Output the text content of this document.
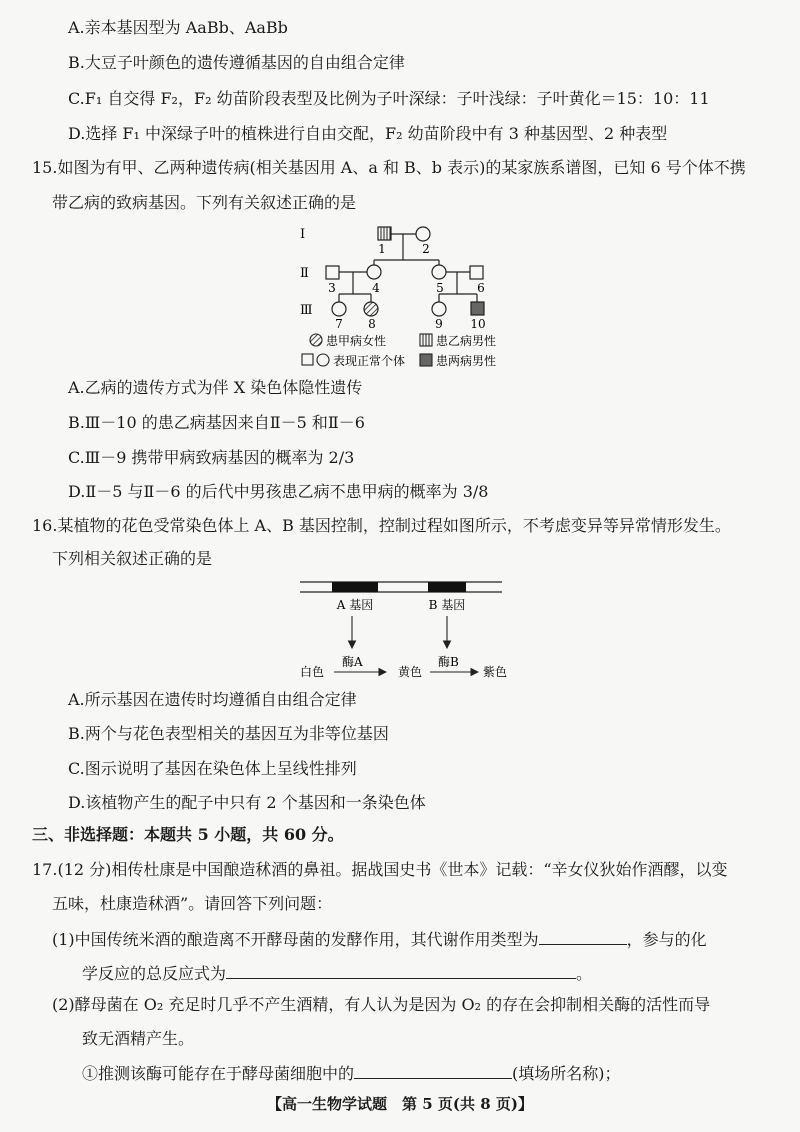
A.亲本基因型为 AaBb、AaBb
B.大豆子叶颜色的遗传遵循基因的自由组合定律
C.F₁ 自交得 F₂，F₂ 幼苗阶段表型及比例为子叶深绿：子叶浅绿：子叶黄化＝15：10：11
D.选择 F₁ 中深绿子叶的植株进行自由交配，F₂ 幼苗阶段中有 3 种基因型、2 种表型
15.如图为有甲、乙两种遗传病(相关基因用 A、a 和 B、b 表示)的某家族系谱图，已知 6 号个体不携
带乙病的致病基因。下列有关叙述正确的是
Ⅰ
Ⅱ
Ⅲ
1	2
3	4	5	6
7 8	9 10
患甲病女性	患乙病男性
表现正常个体	患两病男性
A.乙病的遗传方式为伴 X 染色体隐性遗传
B.Ⅲ－10 的患乙病基因来自Ⅱ－5 和Ⅱ－6
C.Ⅲ－9 携带甲病致病基因的概率为 2/3
D.Ⅱ－5 与Ⅱ－6 的后代中男孩患乙病不患甲病的概率为 3/8
16.某植物的花色受常染色体上 A、B 基因控制，控制过程如图所示，不考虑变异等异常情形发生。
下列相关叙述正确的是
A 基因	B 基因
白色
酶A
黄色
酶B
紫色
A.所示基因在遗传时均遵循自由组合定律
B.两个与花色表型相关的基因互为非等位基因
C.图示说明了基因在染色体上呈线性排列
D.该植物产生的配子中只有 2 个基因和一条染色体
三、非选择题：本题共 5 小题，共 60 分。
17.(12 分)相传杜康是中国酿造秫酒的鼻祖。据战国史书《世本》记载：“辛女仪狄始作酒醪，以变
五味，杜康造秫酒”。请回答下列问题：
(1)中国传统米酒的酿造离不开酵母菌的发酵作用，其代谢作用类型为	，参与的化
学反应的总反应式为	。
(2)酵母菌在 O₂ 充足时几乎不产生酒精，有人认为是因为 O₂ 的存在会抑制相关酶的活性而导
致无酒精产生。
①推测该酶可能存在于酵母菌细胞中的	(填场所名称)；
【高一生物学试题　第 5 页(共 8 页)】
